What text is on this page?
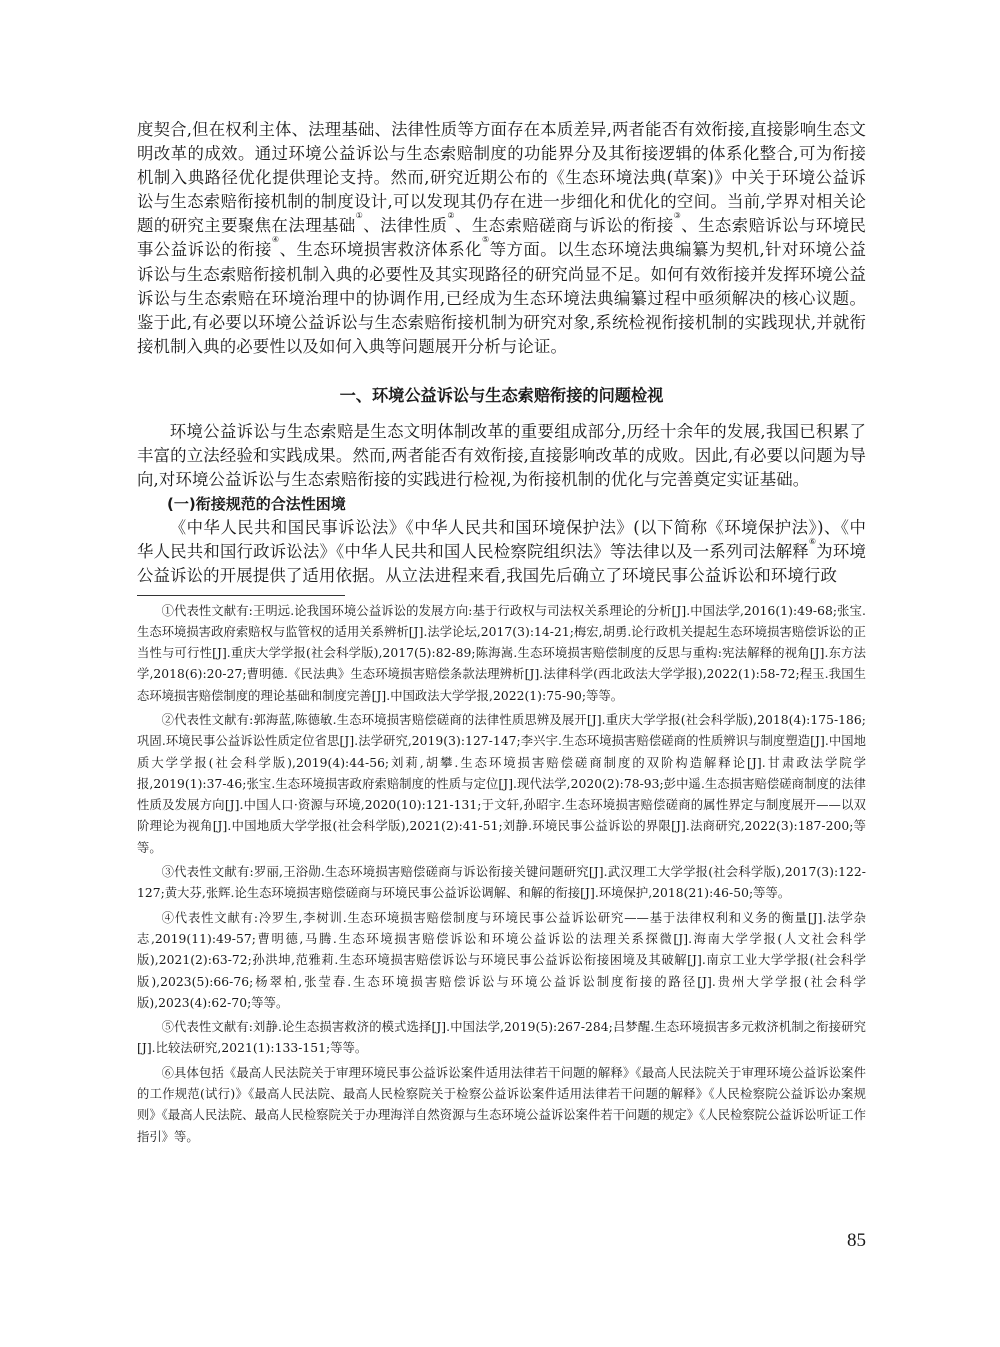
度契合,但在权利主体、法理基础、法律性质等方面存在本质差异,两者能否有效衔接,直接影响生态文明改革的成效。通过环境公益诉讼与生态索赔制度的功能界分及其衔接逻辑的体系化整合,可为衔接机制入典路径优化提供理论支持。然而,研究近期公布的《生态环境法典(草案)》中关于环境公益诉讼与生态索赔衔接机制的制度设计,可以发现其仍存在进一步细化和优化的空间。当前,学界对相关论题的研究主要聚焦在法理基础①、法律性质②、生态索赔磋商与诉讼的衔接③、生态索赔诉讼与环境民事公益诉讼的衔接④、生态环境损害救济体系化⑤等方面。以生态环境法典编纂为契机,针对环境公益诉讼与生态索赔衔接机制入典的必要性及其实现路径的研究尚显不足。如何有效衔接并发挥环境公益诉讼与生态索赔在环境治理中的协调作用,已经成为生态环境法典编纂过程中亟须解决的核心议题。鉴于此,有必要以环境公益诉讼与生态索赔衔接机制为研究对象,系统检视衔接机制的实践现状,并就衔接机制入典的必要性以及如何入典等问题展开分析与论证。

一、环境公益诉讼与生态索赔衔接的问题检视

环境公益诉讼与生态索赔是生态文明体制改革的重要组成部分,历经十余年的发展,我国已积累了丰富的立法经验和实践成果。然而,两者能否有效衔接,直接影响改革的成败。因此,有必要以问题为导向,对环境公益诉讼与生态索赔衔接的实践进行检视,为衔接机制的优化与完善奠定实证基础。

(一)衔接规范的合法性困境

《中华人民共和国民事诉讼法》《中华人民共和国环境保护法》(以下简称《环境保护法》)、《中华人民共和国行政诉讼法》《中华人民共和国人民检察院组织法》等法律以及一系列司法解释⑥为环境公益诉讼的开展提供了适用依据。从立法进程来看,我国先后确立了环境民事公益诉讼和环境行政

①代表性文献有:王明远.论我国环境公益诉讼的发展方向:基于行政权与司法权关系理论的分析[J].中国法学,2016(1):49-68;张宝.生态环境损害政府索赔权与监管权的适用关系辨析[J].法学论坛,2017(3):14-21;梅宏,胡勇.论行政机关提起生态环境损害赔偿诉讼的正当性与可行性[J].重庆大学学报(社会科学版),2017(5):82-89;陈海嵩.生态环境损害赔偿制度的反思与重构:宪法解释的视角[J].东方法学,2018(6):20-27;曹明德.《民法典》生态环境损害赔偿条款法理辨析[J].法律科学(西北政法大学学报),2022(1):58-72;程玉.我国生态环境损害赔偿制度的理论基础和制度完善[J].中国政法大学学报,2022(1):75-90;等等。

②代表性文献有:郭海蓝,陈德敏.生态环境损害赔偿磋商的法律性质思辨及展开[J].重庆大学学报(社会科学版),2018(4):175-186;巩固.环境民事公益诉讼性质定位省思[J].法学研究,2019(3):127-147;李兴宇.生态环境损害赔偿磋商的性质辨识与制度塑造[J].中国地质大学学报(社会科学版),2019(4):44-56;刘莉,胡攀.生态环境损害赔偿磋商制度的双阶构造解释论[J].甘肃政法学院学报,2019(1):37-46;张宝.生态环境损害政府索赔制度的性质与定位[J].现代法学,2020(2):78-93;彭中遥.生态损害赔偿磋商制度的法律性质及发展方向[J].中国人口·资源与环境,2020(10):121-131;于文轩,孙昭宇.生态环境损害赔偿磋商的属性界定与制度展开——以双阶理论为视角[J].中国地质大学学报(社会科学版),2021(2):41-51;刘静.环境民事公益诉讼的界限[J].法商研究,2022(3):187-200;等等。

③代表性文献有:罗丽,王浴勋.生态环境损害赔偿磋商与诉讼衔接关键问题研究[J].武汉理工大学学报(社会科学版),2017(3):122-127;黄大芬,张辉.论生态环境损害赔偿磋商与环境民事公益诉讼调解、和解的衔接[J].环境保护,2018(21):46-50;等等。

④代表性文献有:冷罗生,李树训.生态环境损害赔偿制度与环境民事公益诉讼研究——基于法律权利和义务的衡量[J].法学杂志,2019(11):49-57;曹明德,马腾.生态环境损害赔偿诉讼和环境公益诉讼的法理关系探微[J].海南大学学报(人文社会科学版),2021(2):63-72;孙洪坤,范雅莉.生态环境损害赔偿诉讼与环境民事公益诉讼衔接困境及其破解[J].南京工业大学学报(社会科学版),2023(5):66-76;杨翠柏,张莹春.生态环境损害赔偿诉讼与环境公益诉讼制度衔接的路径[J].贵州大学学报(社会科学版),2023(4):62-70;等等。

⑤代表性文献有:刘静.论生态损害救济的模式选择[J].中国法学,2019(5):267-284;吕梦醒.生态环境损害多元救济机制之衔接研究[J].比较法研究,2021(1):133-151;等等。

⑥具体包括《最高人民法院关于审理环境民事公益诉讼案件适用法律若干问题的解释》《最高人民法院关于审理环境公益诉讼案件的工作规范(试行)》《最高人民法院、最高人民检察院关于检察公益诉讼案件适用法律若干问题的解释》《人民检察院公益诉讼办案规则》《最高人民法院、最高人民检察院关于办理海洋自然资源与生态环境公益诉讼案件若干问题的规定》《人民检察院公益诉讼听证工作指引》等。

85
